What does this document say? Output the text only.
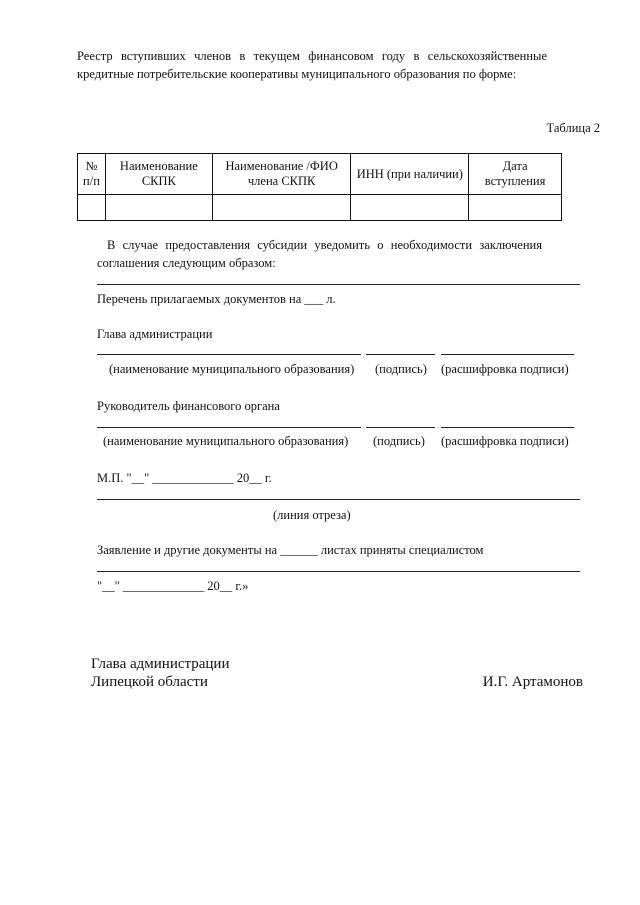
Реестр вступивших членов в текущем финансовом году в сельскохозяйственные кредитные потребительские кооперативы муниципального образования по форме:
Таблица 2
№ п/п	Наименование СКПК	Наименование /ФИО члена СКПК	ИНН (при наличии)	Дата вступления

В случае предоставления субсидии уведомить о необходимости заключения соглашения следующим образом:
Перечень прилагаемых документов на ___ л.
Глава администрации
(наименование муниципального образования) (подпись) (расшифровка подписи)
Руководитель финансового органа
(наименование муниципального образования) (подпись) (расшифровка подписи)
М.П. "__" _____________ 20__ г.
(линия отреза)
Заявление и другие документы на ______ листах приняты специалистом
"__" _____________ 20__ г.»
Глава администрации
Липецкой области	И.Г. Артамонов
